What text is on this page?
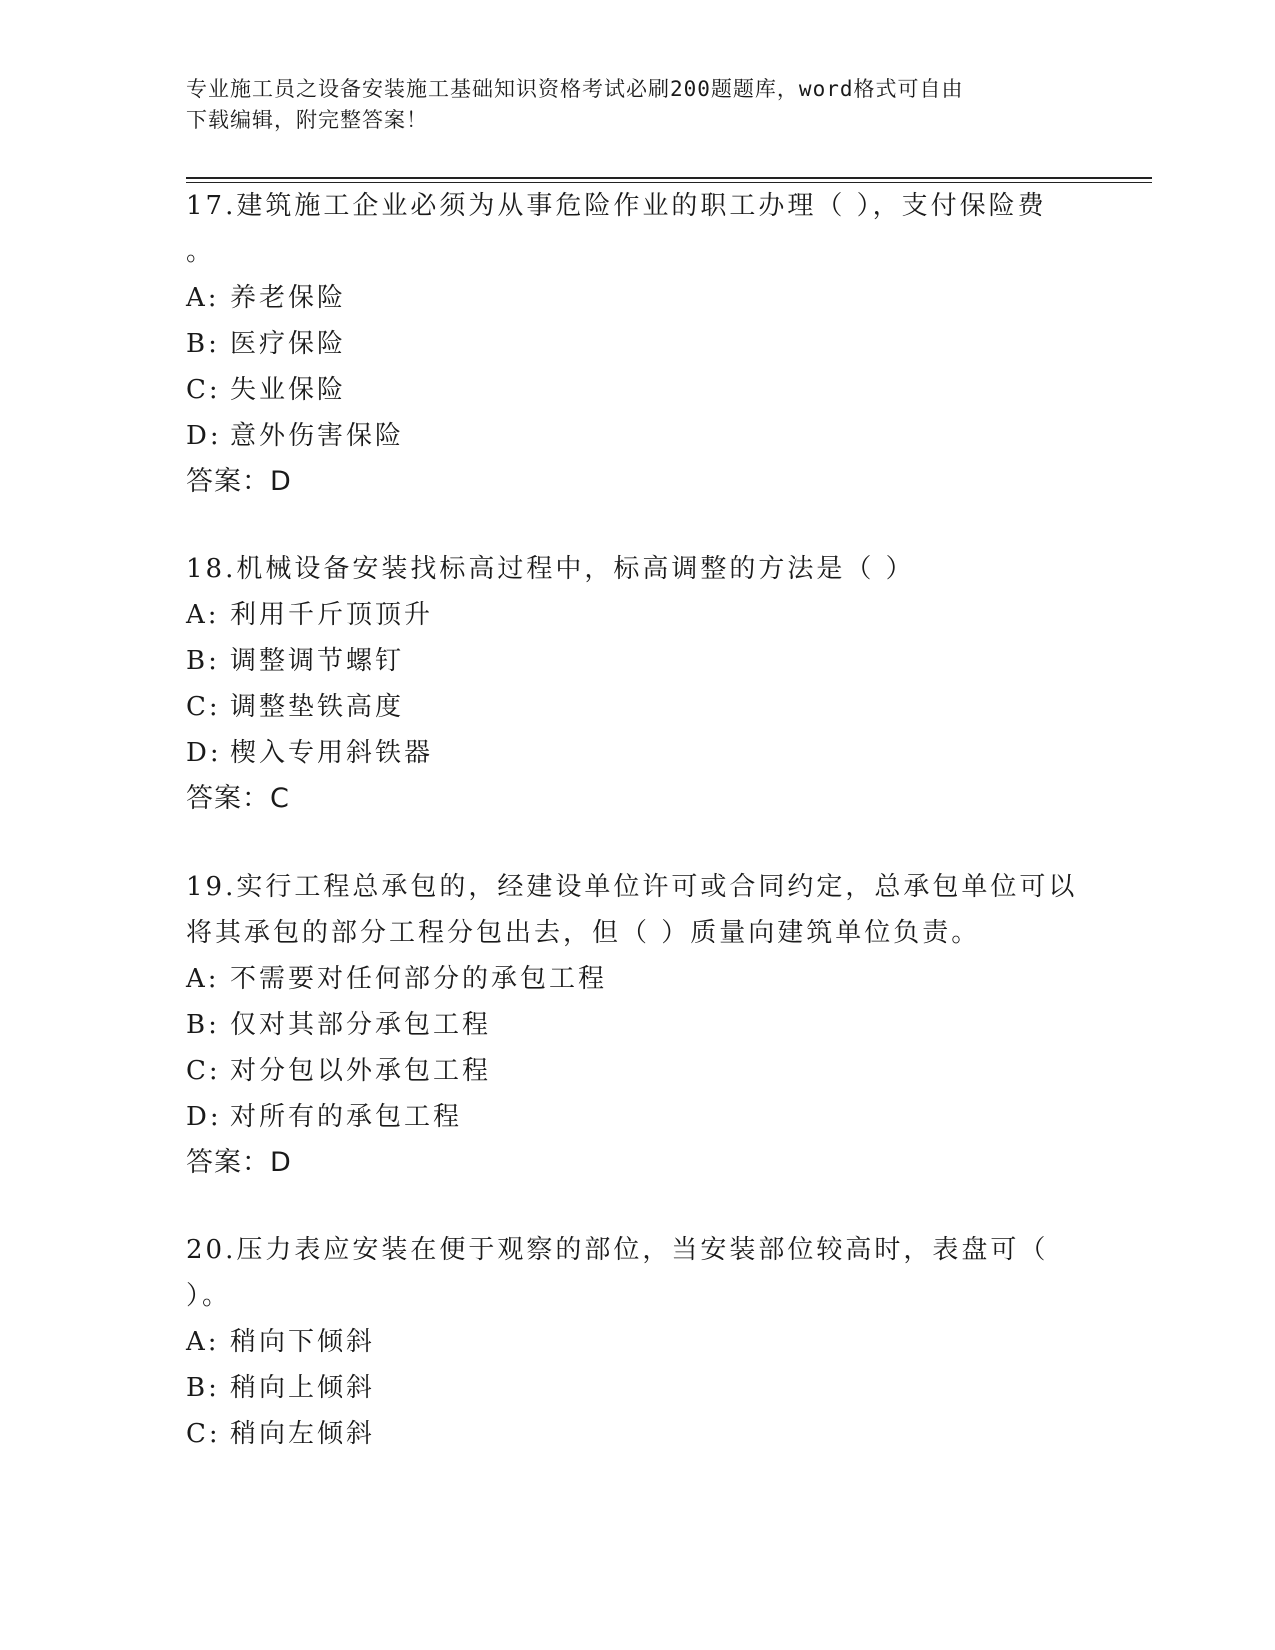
专业施工员之设备安装施工基础知识资格考试必刷200题题库，word格式可自由
下载编辑，附完整答案！
17.建筑施工企业必须为从事危险作业的职工办理（ ），支付保险费
。
A: 养老保险
B: 医疗保险
C: 失业保险
D: 意外伤害保险
答案：D
18.机械设备安装找标高过程中，标高调整的方法是（ ）
A: 利用千斤顶顶升
B: 调整调节螺钉
C: 调整垫铁高度
D: 楔入专用斜铁器
答案：C
19.实行工程总承包的，经建设单位许可或合同约定，总承包单位可以
将其承包的部分工程分包出去，但（ ）质量向建筑单位负责。
A: 不需要对任何部分的承包工程
B: 仅对其部分承包工程
C: 对分包以外承包工程
D: 对所有的承包工程
答案：D
20.压力表应安装在便于观察的部位，当安装部位较高时，表盘可（
）。
A: 稍向下倾斜
B: 稍向上倾斜
C: 稍向左倾斜
